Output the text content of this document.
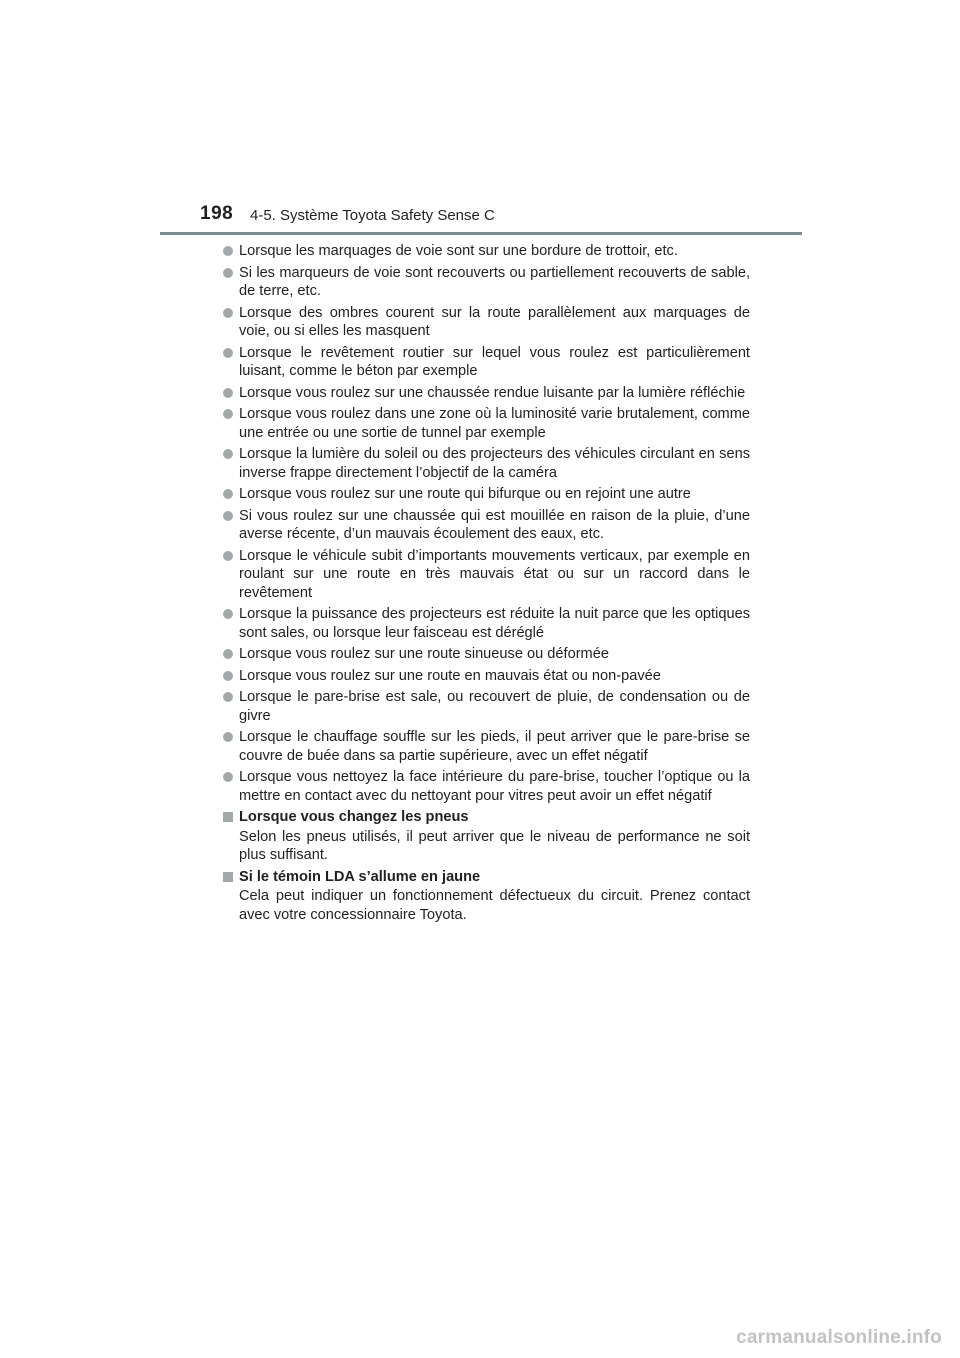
198 4-5. Système Toyota Safety Sense C
Lorsque les marquages de voie sont sur une bordure de trottoir, etc.
Si les marqueurs de voie sont recouverts ou partiellement recouverts de sable, de terre, etc.
Lorsque des ombres courent sur la route parallèlement aux marquages de voie, ou si elles les masquent
Lorsque le revêtement routier sur lequel vous roulez est particulièrement luisant, comme le béton par exemple
Lorsque vous roulez sur une chaussée rendue luisante par la lumière réfléchie
Lorsque vous roulez dans une zone où la luminosité varie brutalement, comme une entrée ou une sortie de tunnel par exemple
Lorsque la lumière du soleil ou des projecteurs des véhicules circulant en sens inverse frappe directement l’objectif de la caméra
Lorsque vous roulez sur une route qui bifurque ou en rejoint une autre
Si vous roulez sur une chaussée qui est mouillée en raison de la pluie, d’une averse récente, d’un mauvais écoulement des eaux, etc.
Lorsque le véhicule subit d’importants mouvements verticaux, par exemple en roulant sur une route en très mauvais état ou sur un raccord dans le revêtement
Lorsque la puissance des projecteurs est réduite la nuit parce que les optiques sont sales, ou lorsque leur faisceau est déréglé
Lorsque vous roulez sur une route sinueuse ou déformée
Lorsque vous roulez sur une route en mauvais état ou non-pavée
Lorsque le pare-brise est sale, ou recouvert de pluie, de condensation ou de givre
Lorsque le chauffage souffle sur les pieds, il peut arriver que le pare-brise se couvre de buée dans sa partie supérieure, avec un effet négatif
Lorsque vous nettoyez la face intérieure du pare-brise, toucher l’optique ou la mettre en contact avec du nettoyant pour vitres peut avoir un effet négatif
Lorsque vous changez les pneus
Selon les pneus utilisés, il peut arriver que le niveau de performance ne soit plus suffisant.
Si le témoin LDA s’allume en jaune
Cela peut indiquer un fonctionnement défectueux du circuit. Prenez contact avec votre concessionnaire Toyota.
carmanualsonline.info
